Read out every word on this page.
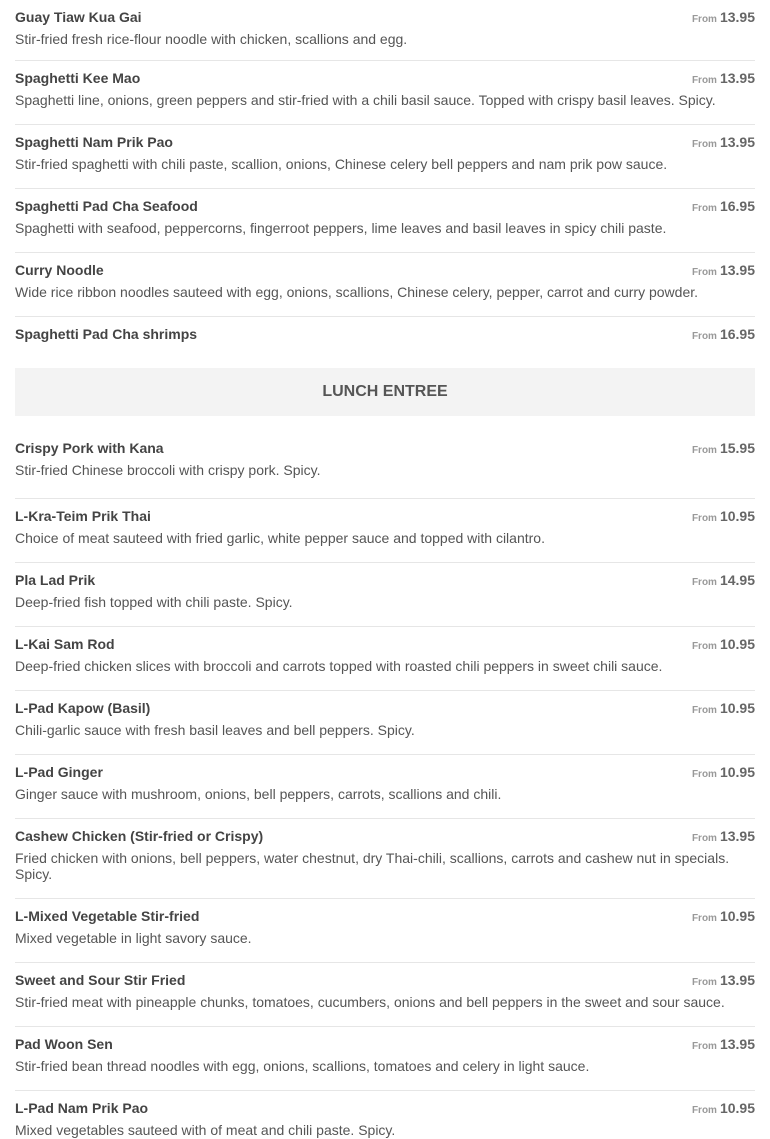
Guay Tiaw Kua Gai	From 13.95
Stir-fried fresh rice-flour noodle with chicken, scallions and egg.
Spaghetti Kee Mao	From 13.95
Spaghetti line, onions, green peppers and stir-fried with a chili basil sauce. Topped with crispy basil leaves. Spicy.
Spaghetti Nam Prik Pao	From 13.95
Stir-fried spaghetti with chili paste, scallion, onions, Chinese celery bell peppers and nam prik pow sauce.
Spaghetti Pad Cha Seafood	From 16.95
Spaghetti with seafood, peppercorns, fingerroot peppers, lime leaves and basil leaves in spicy chili paste.
Curry Noodle	From 13.95
Wide rice ribbon noodles sauteed with egg, onions, scallions, Chinese celery, pepper, carrot and curry powder.
Spaghetti Pad Cha shrimps	From 16.95
LUNCH ENTREE
Crispy Pork with Kana	From 15.95
Stir-fried Chinese broccoli with crispy pork. Spicy.
L-Kra-Teim Prik Thai	From 10.95
Choice of meat sauteed with fried garlic, white pepper sauce and topped with cilantro.
Pla Lad Prik	From 14.95
Deep-fried fish topped with chili paste. Spicy.
L-Kai Sam Rod	From 10.95
Deep-fried chicken slices with broccoli and carrots topped with roasted chili peppers in sweet chili sauce.
L-Pad Kapow (Basil)	From 10.95
Chili-garlic sauce with fresh basil leaves and bell peppers. Spicy.
L-Pad Ginger	From 10.95
Ginger sauce with mushroom, onions, bell peppers, carrots, scallions and chili.
Cashew Chicken (Stir-fried or Crispy)	From 13.95
Fried chicken with onions, bell peppers, water chestnut, dry Thai-chili, scallions, carrots and cashew nut in specials. Spicy.
L-Mixed Vegetable Stir-fried	From 10.95
Mixed vegetable in light savory sauce.
Sweet and Sour Stir Fried	From 13.95
Stir-fried meat with pineapple chunks, tomatoes, cucumbers, onions and bell peppers in the sweet and sour sauce.
Pad Woon Sen	From 13.95
Stir-fried bean thread noodles with egg, onions, scallions, tomatoes and celery in light sauce.
L-Pad Nam Prik Pao	From 10.95
Mixed vegetables sauteed with of meat and chili paste. Spicy.
